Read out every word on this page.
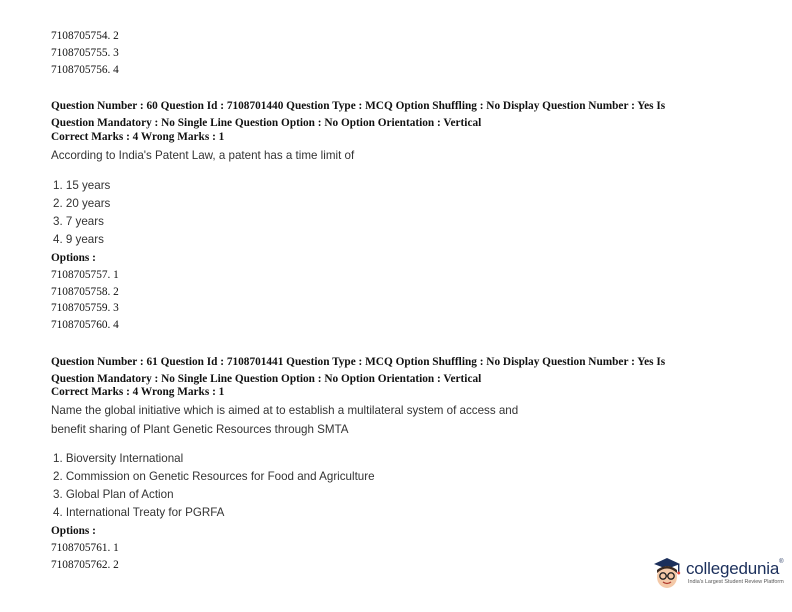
7108705754. 2
7108705755. 3
7108705756. 4
Question Number : 60 Question Id : 7108701440 Question Type : MCQ Option Shuffling : No Display Question Number : Yes Is
Question Mandatory : No Single Line Question Option : No Option Orientation : Vertical
Correct Marks : 4 Wrong Marks : 1
According to India's Patent Law, a patent has a time limit of
1. 15 years
2. 20 years
3. 7 years
4. 9 years
Options :
7108705757. 1
7108705758. 2
7108705759. 3
7108705760. 4
Question Number : 61 Question Id : 7108701441 Question Type : MCQ Option Shuffling : No Display Question Number : Yes Is
Question Mandatory : No Single Line Question Option : No Option Orientation : Vertical
Correct Marks : 4 Wrong Marks : 1
Name the global initiative which is aimed at to establish a multilateral system of access and
benefit sharing of Plant Genetic Resources through SMTA
1. Bioversity International
2. Commission on Genetic Resources for Food and Agriculture
3. Global Plan of Action
4. International Treaty for PGRFA
Options :
7108705761. 1
7108705762. 2	collegedunia®
India's Largest Student Review Platform
